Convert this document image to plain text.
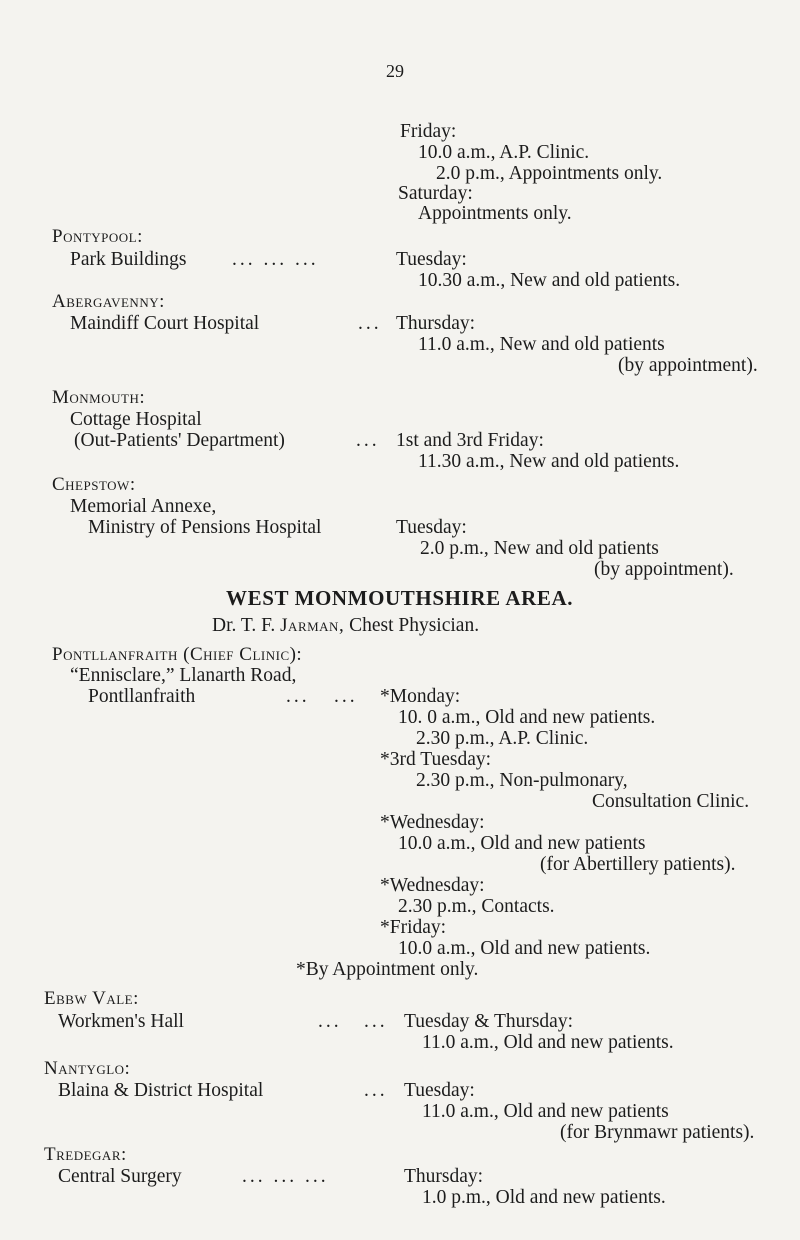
29
Friday:
10.0 a.m., A.P. Clinic.
2.0 p.m., Appointments only.
Saturday:
Appointments only.
Pontypool:
Park Buildings ... ... ...	Tuesday:
10.30 a.m., New and old patients.
Abergavenny:
Maindiff Court Hospital	... Thursday:
11.0 a.m., New and old patients
(by appointment).
Monmouth:
Cottage Hospital
(Out-Patients' Department)	... 1st and 3rd Friday:
11.30 a.m., New and old patients.
Chepstow:
Memorial Annexe,
Ministry of Pensions Hospital	Tuesday:
2.0 p.m., New and old patients
(by appointment).
WEST MONMOUTHSHIRE AREA.
Dr. T. F. Jarman, Chest Physician.
Pontllanfraith (Chief Clinic):
“Ennisclare,” Llanarth Road,
Pontllanfraith	... ... *Monday:
10. 0 a.m., Old and new patients.
2.30 p.m., A.P. Clinic.
*3rd Tuesday:
2.30 p.m., Non-pulmonary,
Consultation Clinic.
*Wednesday:
10.0 a.m., Old and new patients
(for Abertillery patients).
*Wednesday:
2.30 p.m., Contacts.
*Friday:
10.0 a.m., Old and new patients.
*By Appointment only.
Ebbw Vale:
Workmen's Hall	... ... Tuesday & Thursday:
11.0 a.m., Old and new patients.
Nantyglo:
Blaina & District Hospital	... Tuesday:
11.0 a.m., Old and new patients
(for Brynmawr patients).
Tredegar:
Central Surgery	... ... ...	Thursday:
1.0 p.m., Old and new patients.
